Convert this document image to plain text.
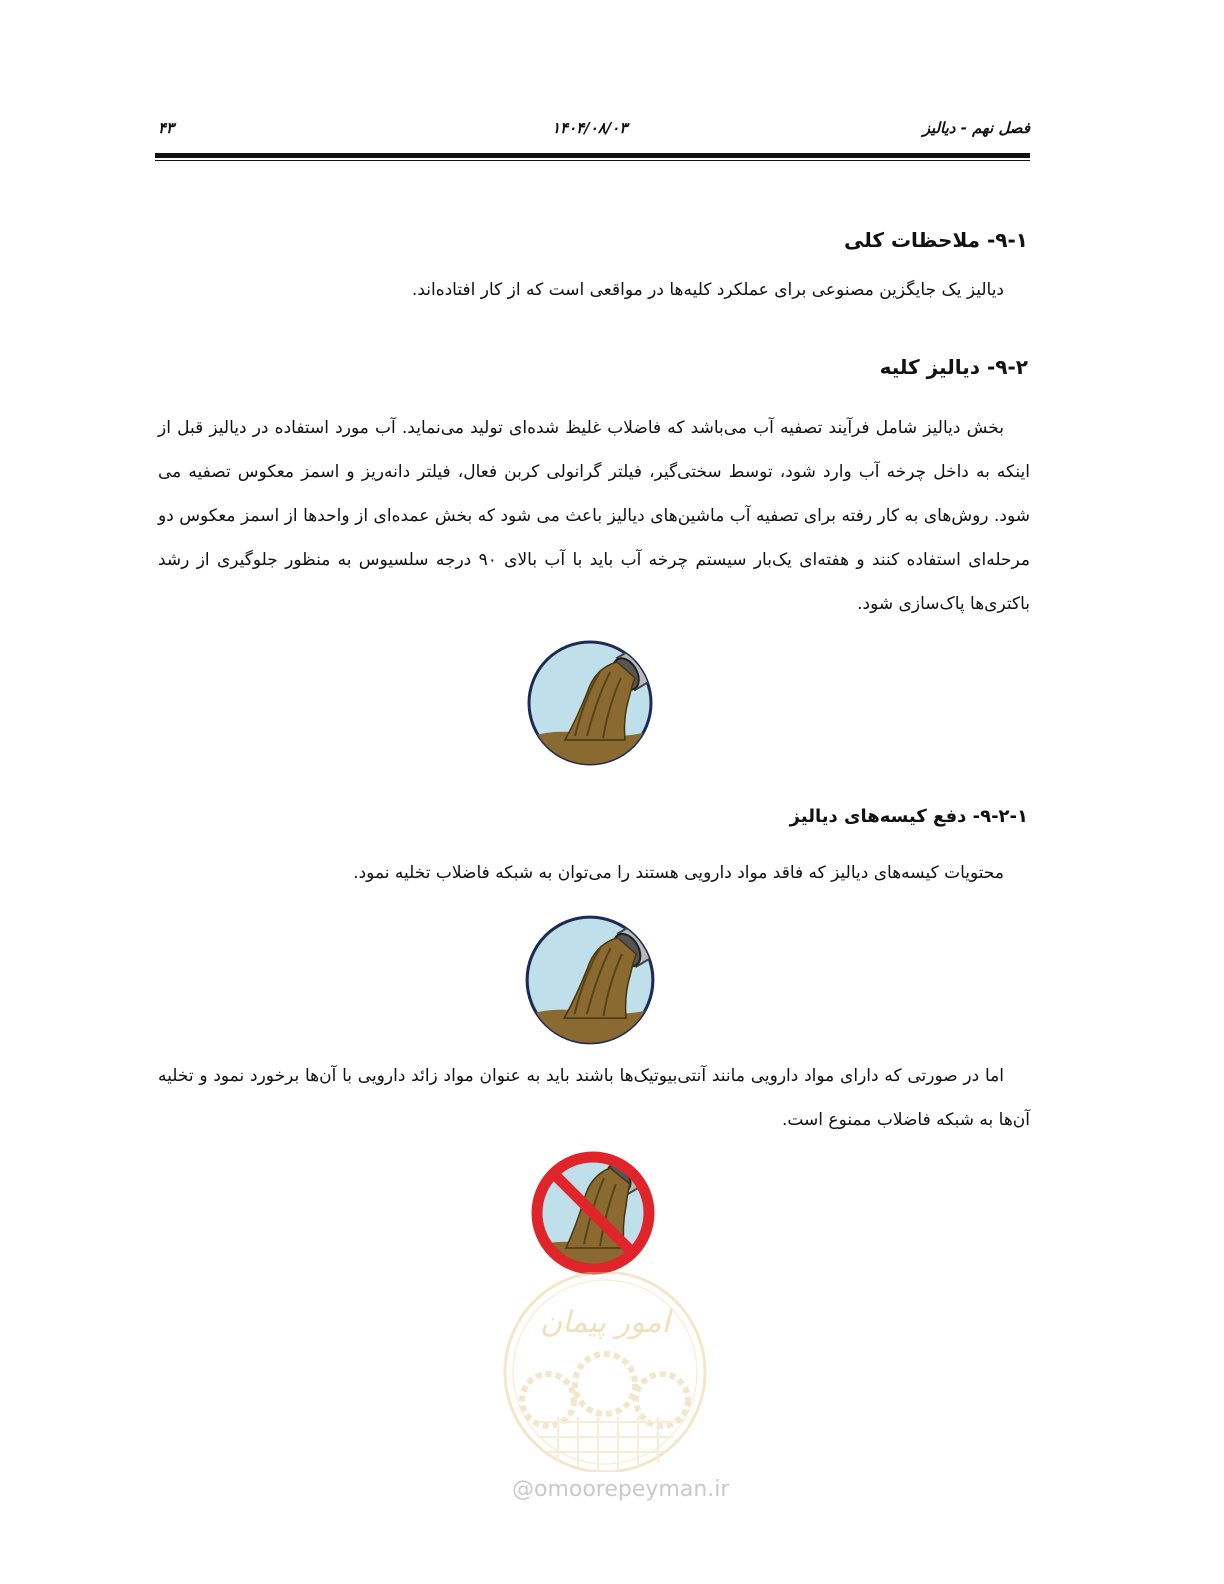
۴۳	۱۴۰۴/۰۸/۰۳	فصل نهم - دیالیز
۹-۱- ملاحظات کلی
دیالیز یک جایگزین مصنوعی برای عملکرد کلیه‌ها در مواقعی است که از کار افتاده‌اند.
۹-۲- دیالیز کلیه
بخش دیالیز شامل فرآیند تصفیه آب می‌باشد که فاضلاب غلیظ شده‌ای تولید می‌نماید. آب مورد استفاده در دیالیز قبل از اینکه به داخل چرخه آب وارد شود، توسط سختی‌گیر، فیلتر گرانولی کربن فعال، فیلتر دانه‌ریز و اسمز معکوس تصفیه می شود. روش‌های به کار رفته برای تصفیه آب ماشین‌های دیالیز باعث می شود که بخش عمده‌ای از واحدها از اسمز معکوس دو مرحله‌ای استفاده کنند و هفته‌ای یک‌بار سیستم چرخه آب باید با آب بالای ۹۰ درجه سلسیوس به منظور جلوگیری از رشد باکتری‌ها پاک‌سازی شود.
۹-۲-۱- دفع کیسه‌های دیالیز
محتویات کیسه‌های دیالیز که فاقد مواد دارویی هستند را می‌توان به شبکه فاضلاب تخلیه نمود.
اما در صورتی که دارای مواد دارویی مانند آنتی‌بیوتیک‌ها باشند باید به عنوان مواد زائد دارویی با آن‌ها برخورد نمود و تخلیه آن‌ها به شبکه فاضلاب ممنوع است.
امور پیمان
@omoorepeyman.ir
